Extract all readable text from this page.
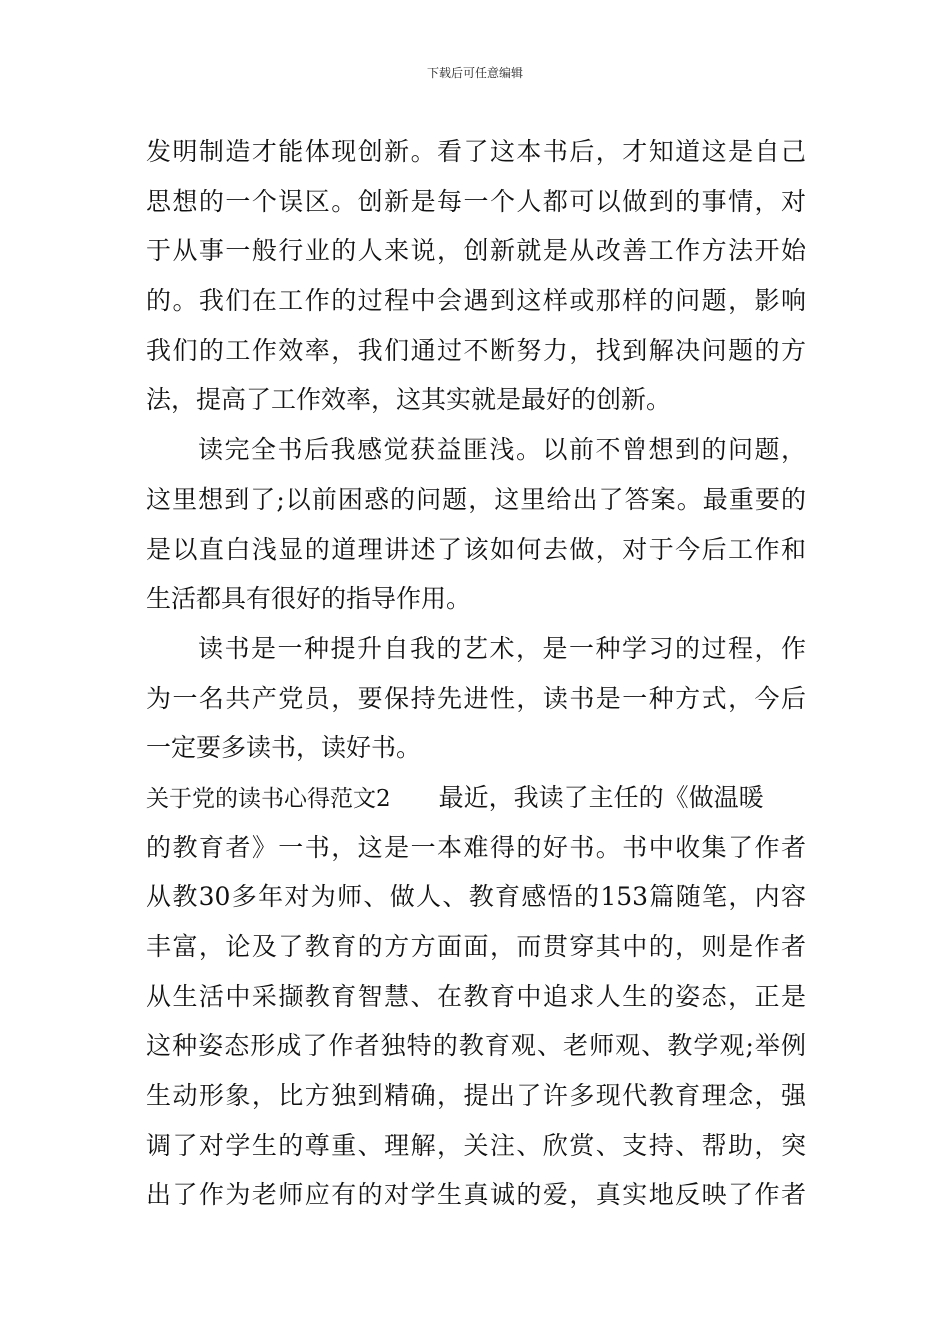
下载后可任意编辑
发明制造才能体现创新。看了这本书后，才知道这是自己
思想的一个误区。创新是每一个人都可以做到的事情，对
于从事一般行业的人来说，创新就是从改善工作方法开始
的。我们在工作的过程中会遇到这样或那样的问题，影响
我们的工作效率，我们通过不断努力，找到解决问题的方
法，提高了工作效率，这其实就是最好的创新。
读完全书后我感觉获益匪浅。以前不曾想到的问题，
这里想到了;以前困惑的问题，这里给出了答案。最重要的
是以直白浅显的道理讲述了该如何去做，对于今后工作和
生活都具有很好的指导作用。
读书是一种提升自我的艺术，是一种学习的过程，作
为一名共产党员，要保持先进性，读书是一种方式，今后
一定要多读书，读好书。
关于党的读书心得范文2 最近，我读了主任的《做温暖
的教育者》一书，这是一本难得的好书。书中收集了作者
从教30多年对为师、做人、教育感悟的153篇随笔，内容
丰富，论及了教育的方方面面，而贯穿其中的，则是作者
从生活中采撷教育智慧、在教育中追求人生的姿态，正是
这种姿态形成了作者独特的教育观、老师观、教学观;举例
生动形象，比方独到精确，提出了许多现代教育理念，强
调了对学生的尊重、理解，关注、欣赏、支持、帮助，突
出了作为老师应有的对学生真诚的爱，真实地反映了作者
